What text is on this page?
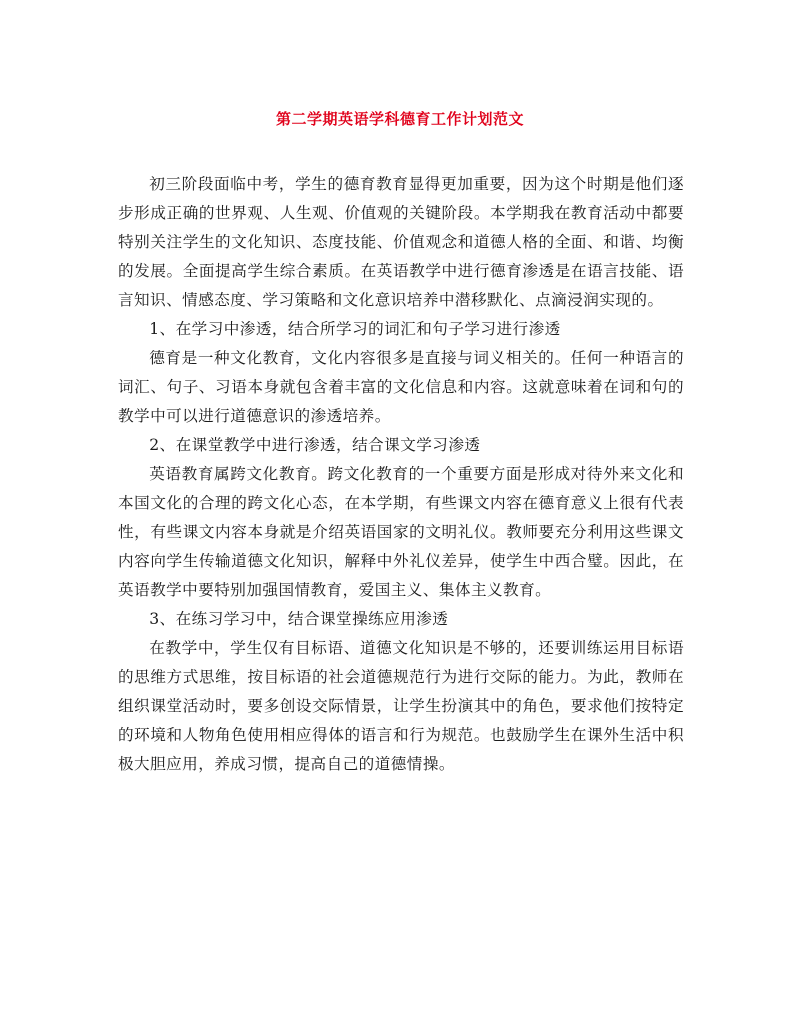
第二学期英语学科德育工作计划范文

初三阶段面临中考，学生的德育教育显得更加重要，因为这个时期是他们逐步形成正确的世界观、人生观、价值观的关键阶段。本学期我在教育活动中都要特别关注学生的文化知识、态度技能、价值观念和道德人格的全面、和谐、均衡的发展。全面提高学生综合素质。在英语教学中进行德育渗透是在语言技能、语言知识、情感态度、学习策略和文化意识培养中潜移默化、点滴浸润实现的。

1、在学习中渗透，结合所学习的词汇和句子学习进行渗透

德育是一种文化教育，文化内容很多是直接与词义相关的。任何一种语言的词汇、句子、习语本身就包含着丰富的文化信息和内容。这就意味着在词和句的教学中可以进行道德意识的渗透培养。

2、在课堂教学中进行渗透，结合课文学习渗透

英语教育属跨文化教育。跨文化教育的一个重要方面是形成对待外来文化和本国文化的合理的跨文化心态，在本学期，有些课文内容在德育意义上很有代表性，有些课文内容本身就是介绍英语国家的文明礼仪。教师要充分利用这些课文内容向学生传输道德文化知识，解释中外礼仪差异，使学生中西合璧。因此，在英语教学中要特别加强国情教育，爱国主义、集体主义教育。

3、在练习学习中，结合课堂操练应用渗透

在教学中，学生仅有目标语、道德文化知识是不够的，还要训练运用目标语的思维方式思维，按目标语的社会道德规范行为进行交际的能力。为此，教师在组织课堂活动时，要多创设交际情景，让学生扮演其中的角色，要求他们按特定的环境和人物角色使用相应得体的语言和行为规范。也鼓励学生在课外生活中积极大胆应用，养成习惯，提高自己的道德情操。
